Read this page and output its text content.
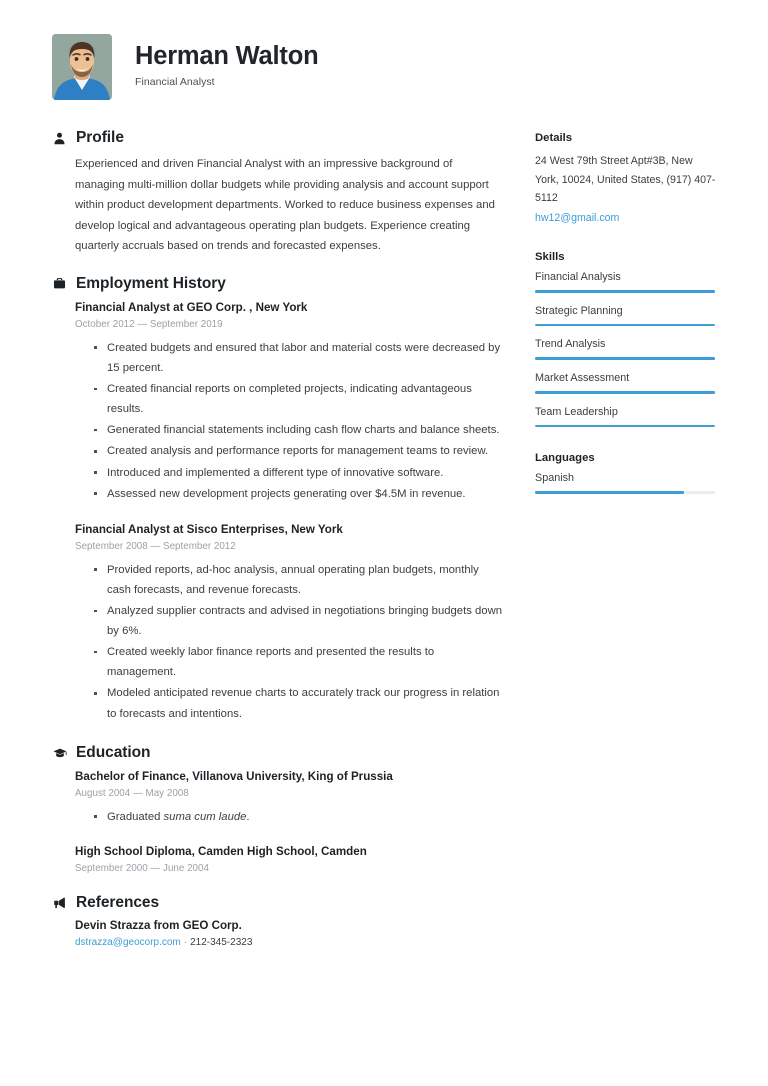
Herman Walton
Financial Analyst
Profile

Experienced and driven Financial Analyst with an impressive background of managing multi-million dollar budgets while providing analysis and account support within product development departments. Worked to reduce business expenses and develop logical and advantageous operating plan budgets. Experience creating quarterly accruals based on trends and forecasted expenses.

Employment History
Financial Analyst at GEO Corp. , New York
October 2012 — September 2019
Created budgets and ensured that labor and material costs were decreased by 15 percent.
Created financial reports on completed projects, indicating advantageous results.
Generated financial statements including cash flow charts and balance sheets.
Created analysis and performance reports for management teams to review.
Introduced and implemented a different type of innovative software.
Assessed new development projects generating over $4.5M in revenue.
Financial Analyst at Sisco Enterprises, New York
September 2008 — September 2012
Provided reports, ad-hoc analysis, annual operating plan budgets, monthly cash forecasts, and revenue forecasts.
Analyzed supplier contracts and advised in negotiations bringing budgets down by 6%.
Created weekly labor finance reports and presented the results to management.
Modeled anticipated revenue charts to accurately track our progress in relation to forecasts and intentions.
Education
Bachelor of Finance, Villanova University, King of Prussia
August 2004 — May 2008
Graduated suma cum laude.
High School Diploma, Camden High School, Camden
September 2000 — June 2004
References
Devin Strazza from GEO Corp.
dstrazza@geocorp.com · 212-345-2323
Details
24 West 79th Street Apt#3B, New York, 10024, United States, (917) 407-5112
hw12@gmail.com
Skills
Financial Analysis
Strategic Planning
Trend Analysis
Market Assessment
Team Leadership
Languages
Spanish
